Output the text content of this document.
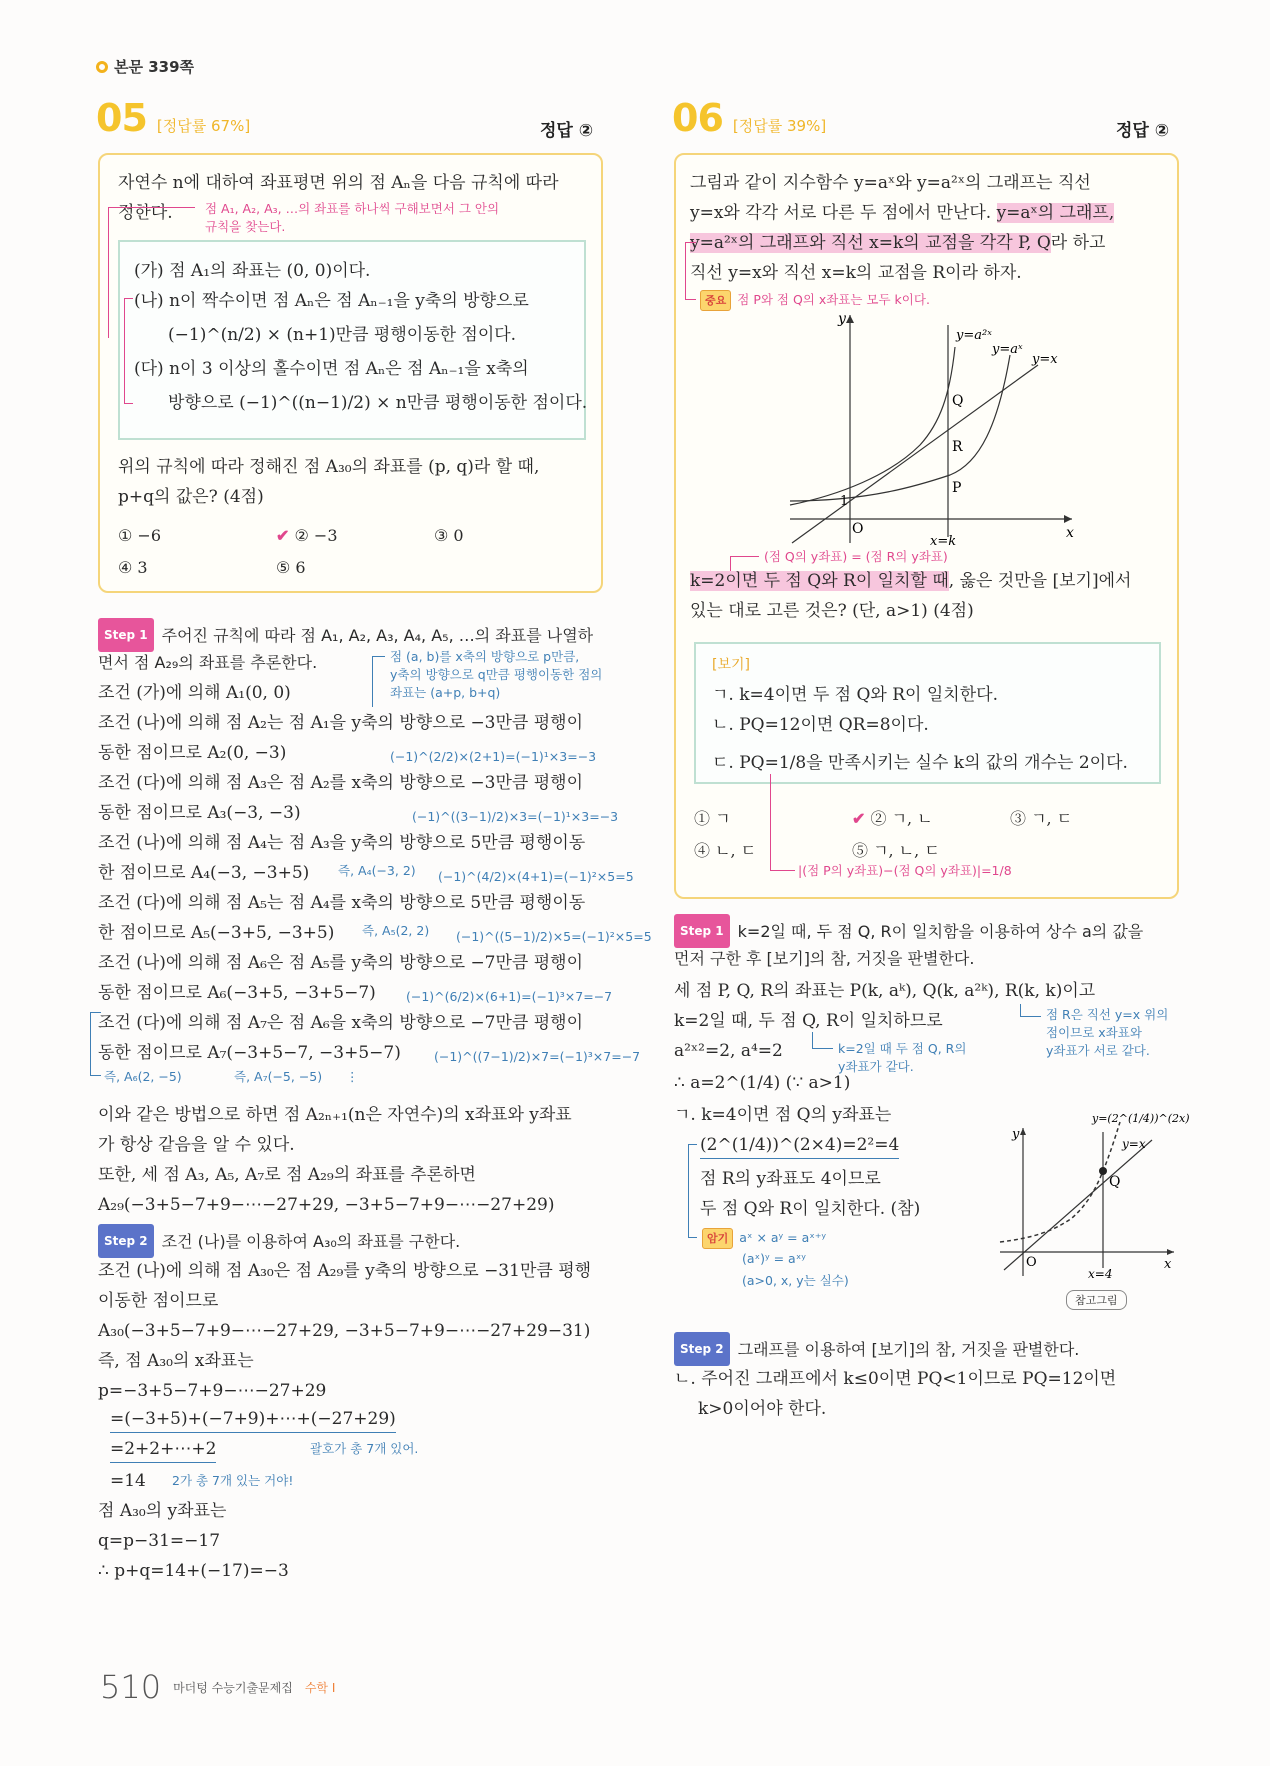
본문 339쪽
05 [정답률 67%]	정답 ②
자연수 n에 대하여 좌표평면 위의 점 Aₙ을 다음 규칙에 따라
정한다.	점 A₁, A₂, A₃, …의 좌표를 하나씩 구해보면서 그 안의
규칙을 찾는다.
(가) 점 A₁의 좌표는 (0, 0)이다.
(나) n이 짝수이면 점 Aₙ은 점 Aₙ₋₁을 y축의 방향으로
(−1)^(n/2) × (n+1)만큼 평행이동한 점이다.
(다) n이 3 이상의 홀수이면 점 Aₙ은 점 Aₙ₋₁을 x축의
방향으로 (−1)^((n−1)/2) × n만큼 평행이동한 점이다.
위의 규칙에 따라 정해진 점 A₃₀의 좌표를 (p, q)라 할 때,
p+q의 값은? (4점)
① −6	✔ ② −3	③ 0
④ 3	⑤ 6
Step 1 주어진 규칙에 따라 점 A₁, A₂, A₃, A₄, A₅, …의 좌표를 나열하
면서 점 A₂₉의 좌표를 추론한다.	점 (a, b)를 x축의 방향으로 p만큼,
y축의 방향으로 q만큼 평행이동한 점의
좌표는 (a+p, b+q)
조건 (가)에 의해 A₁(0, 0)
조건 (나)에 의해 점 A₂는 점 A₁을 y축의 방향으로 −3만큼 평행이
동한 점이므로 A₂(0, −3)	(−1)^(2/2)×(2+1)=(−1)¹×3=−3
조건 (다)에 의해 점 A₃은 점 A₂를 x축의 방향으로 −3만큼 평행이
동한 점이므로 A₃(−3, −3)	(−1)^((3−1)/2)×3=(−1)¹×3=−3
조건 (나)에 의해 점 A₄는 점 A₃을 y축의 방향으로 5만큼 평행이동
한 점이므로 A₄(−3, −3+5) 즉, A₄(−3, 2) (−1)^(4/2)×(4+1)=(−1)²×5=5
조건 (다)에 의해 점 A₅는 점 A₄를 x축의 방향으로 5만큼 평행이동
한 점이므로 A₅(−3+5, −3+5) 즉, A₅(2, 2) (−1)^((5−1)/2)×5=(−1)²×5=5
조건 (나)에 의해 점 A₆은 점 A₅를 y축의 방향으로 −7만큼 평행이
동한 점이므로 A₆(−3+5, −3+5−7) (−1)^(6/2)×(6+1)=(−1)³×7=−7
조건 (다)에 의해 점 A₇은 점 A₆을 x축의 방향으로 −7만큼 평행이
동한 점이므로 A₇(−3+5−7, −3+5−7)	(−1)^((7−1)/2)×7=(−1)³×7=−7
즉, A₆(2, −5)	즉, A₇(−5, −5) ⋮
이와 같은 방법으로 하면 점 A₂ₙ₊₁(n은 자연수)의 x좌표와 y좌표
가 항상 같음을 알 수 있다.
또한, 세 점 A₃, A₅, A₇로 점 A₂₉의 좌표를 추론하면
A₂₉(−3+5−7+9−⋯−27+29, −3+5−7+9−⋯−27+29)
Step 2 조건 (나)를 이용하여 A₃₀의 좌표를 구한다.
조건 (나)에 의해 점 A₃₀은 점 A₂₉를 y축의 방향으로 −31만큼 평행
이동한 점이므로
A₃₀(−3+5−7+9−⋯−27+29, −3+5−7+9−⋯−27+29−31)
즉, 점 A₃₀의 x좌표는
p=−3+5−7+9−⋯−27+29
=(−3+5)+(−7+9)+⋯+(−27+29)
괄호가 총 7개 있어.
=2+2+⋯+2
=14 2가 총 7개 있는 거야!
점 A₃₀의 y좌표는
q=p−31=−17
∴ p+q=14+(−17)=−3
06 [정답률 39%]	정답 ②
그림과 같이 지수함수 y=aˣ와 y=a²ˣ의 그래프는 직선
y=x와 각각 서로 다른 두 점에서 만난다. y=aˣ의 그래프,
y=a²ˣ의 그래프와 직선 x=k의 교점을 각각 P, Q라 하고
직선 y=x와 직선 x=k의 교점을 R이라 하자.
중요 점 P와 점 Q의 x좌표는 모두 k이다.
1
O	x
y
Q
R
P
y=a²ˣ
y=aˣ
y=x
x=k
(점 Q의 y좌표) = (점 R의 y좌표)
k=2이면 두 점 Q와 R이 일치할 때, 옳은 것만을 [보기]에서
있는 대로 고른 것은? (단, a>1) (4점)
[보기]
ㄱ. k=4이면 두 점 Q와 R이 일치한다.
ㄴ. PQ=12이면 QR=8이다.
ㄷ. PQ=1/8을 만족시키는 실수 k의 값의 개수는 2이다.
① ㄱ	✔ ② ㄱ, ㄴ	③ ㄱ, ㄷ
④ ㄴ, ㄷ	⑤ ㄱ, ㄴ, ㄷ
|(점 P의 y좌표)−(점 Q의 y좌표)|=1/8
Step 1 k=2일 때, 두 점 Q, R이 일치함을 이용하여 상수 a의 값을
먼저 구한 후 [보기]의 참, 거짓을 판별한다.
세 점 P, Q, R의 좌표는 P(k, aᵏ), Q(k, a²ᵏ), R(k, k)이고
k=2일 때, 두 점 Q, R이 일치하므로	점 R은 직선 y=x 위의
점이므로 x좌표와
y좌표가 서로 같다.
a²ˣ²=2, a⁴=2	k=2일 때 두 점 Q, R의
y좌표가 같다.
∴ a=2^(1/4) (∵ a>1)
ㄱ. k=4이면 점 Q의 y좌표는
(2^(1/4))^(2×4)=2²=4
점 R의 y좌표도 4이므로
두 점 Q와 R이 일치한다. (참)
암기 aˣ × aʸ = aˣ⁺ʸ
(aˣ)ʸ = aˣʸ
(a>0, x, y는 실수)
Q
O	x
y
x=4
y=(2^(1/4))^(2x)
y=x
참고그림
Step 2 그래프를 이용하여 [보기]의 참, 거짓을 판별한다.
ㄴ. 주어진 그래프에서 k≤0이면 PQ<1이므로 PQ=12이면
k>0이어야 한다.
510 마더텅 수능기출문제집 수학 I
